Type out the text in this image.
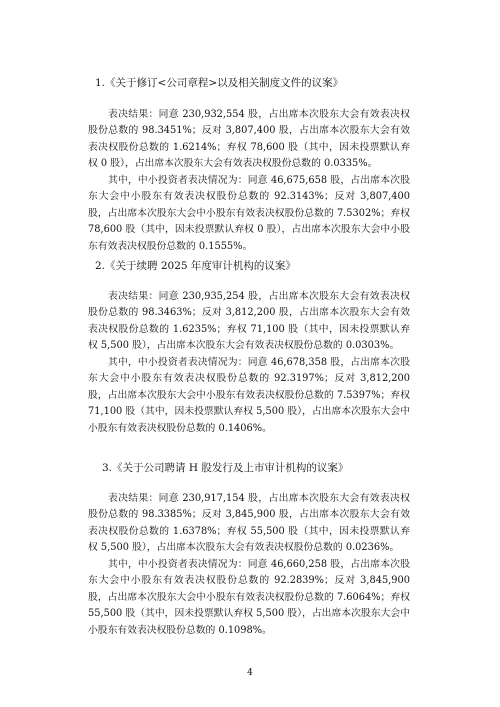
1.《关于修订<公司章程>以及相关制度文件的议案》
表决结果：同意 230,932,554 股，占出席本次股东大会有效表决权股份总数的 98.3451%；反对 3,807,400 股，占出席本次股东大会有效表决权股份总数的 1.6214%；弃权 78,600 股（其中，因未投票默认弃权 0 股），占出席本次股东大会有效表决权股份总数的 0.0335%。
其中，中小投资者表决情况为：同意 46,675,658 股，占出席本次股东大会中小股东有效表决权股份总数的 92.3143%；反对 3,807,400 股，占出席本次股东大会中小股东有效表决权股份总数的 7.5302%；弃权 78,600 股（其中，因未投票默认弃权 0 股），占出席本次股东大会中小股东有效表决权股份总数的 0.1555%。
2.《关于续聘 2025 年度审计机构的议案》
表决结果：同意 230,935,254 股，占出席本次股东大会有效表决权股份总数的 98.3463%；反对 3,812,200 股，占出席本次股东大会有效表决权股份总数的 1.6235%；弃权 71,100 股（其中，因未投票默认弃权 5,500 股），占出席本次股东大会有效表决权股份总数的 0.0303%。
其中，中小投资者表决情况为：同意 46,678,358 股，占出席本次股东大会中小股东有效表决权股份总数的 92.3197%；反对 3,812,200 股，占出席本次股东大会中小股东有效表决权股份总数的 7.5397%；弃权 71,100 股（其中，因未投票默认弃权 5,500 股），占出席本次股东大会中小股东有效表决权股份总数的 0.1406%。
3.《关于公司聘请 H 股发行及上市审计机构的议案》
表决结果：同意 230,917,154 股，占出席本次股东大会有效表决权股份总数的 98.3385%；反对 3,845,900 股，占出席本次股东大会有效表决权股份总数的 1.6378%；弃权 55,500 股（其中，因未投票默认弃权 5,500 股），占出席本次股东大会有效表决权股份总数的 0.0236%。
其中，中小投资者表决情况为：同意 46,660,258 股，占出席本次股东大会中小股东有效表决权股份总数的 92.2839%；反对 3,845,900 股，占出席本次股东大会中小股东有效表决权股份总数的 7.6064%；弃权 55,500 股（其中，因未投票默认弃权 5,500 股），占出席本次股东大会中小股东有效表决权股份总数的 0.1098%。
4
